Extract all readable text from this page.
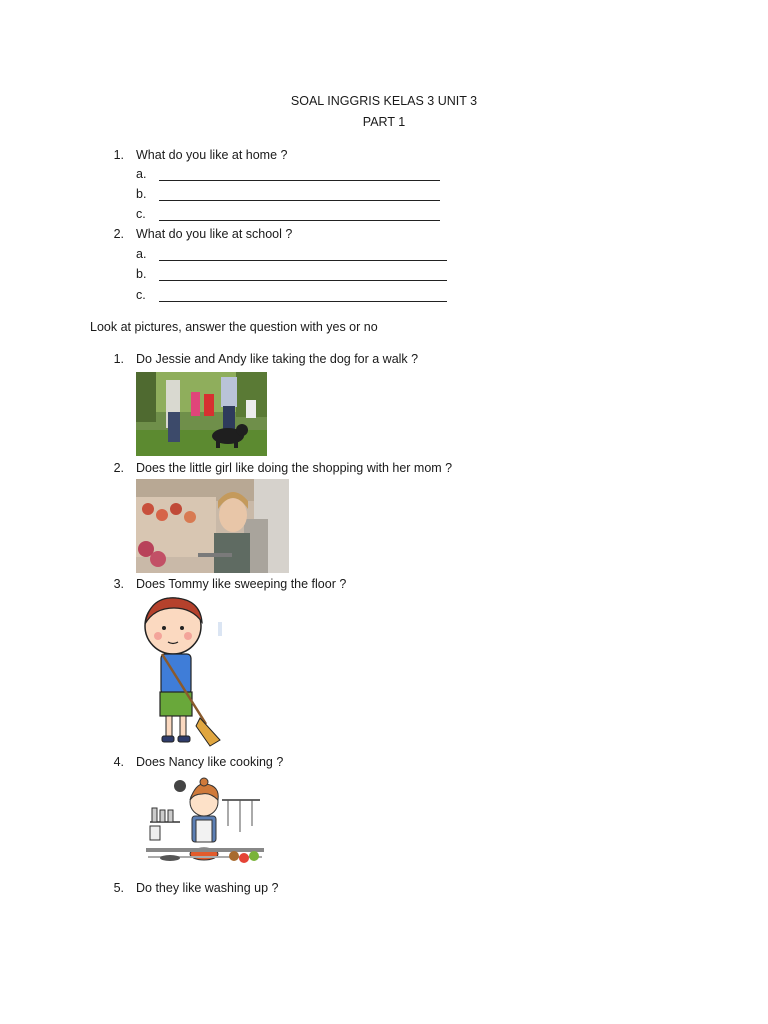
SOAL INGGRIS KELAS 3 UNIT 3
PART 1
1. What do you like at home ?
a.
b.
c.
2. What do you like at school ?
a.
b.
c.
Look at pictures, answer the question with yes or no
1. Do Jessie and Andy like taking the dog for a walk ?
2. Does the little girl like doing the shopping with her mom ?
3. Does Tommy like sweeping the floor ?
4. Does Nancy like cooking ?
5. Do they like washing up ?
